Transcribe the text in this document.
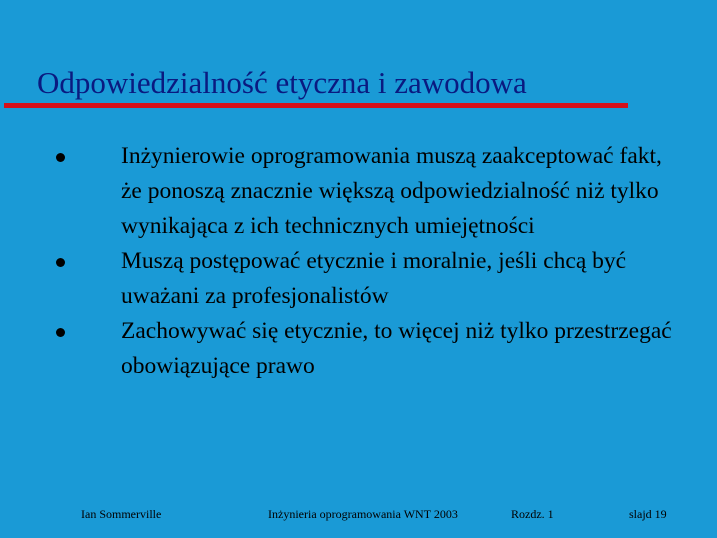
Odpowiedzialność etyczna i zawodowa
Inżynierowie oprogramowania muszą zaakceptować fakt, że ponoszą znacznie większą odpowiedzialność niż tylko wynikająca z ich technicznych umiejętności
Muszą postępować etycznie i moralnie, jeśli chcą być uważani za profesjonalistów
Zachowywać się etycznie, to więcej niż tylko przestrzegać obowiązujące prawo
Ian Sommerville	Inżynieria oprogramowania WNT 2003	Rozdz. 1	slajd 19
